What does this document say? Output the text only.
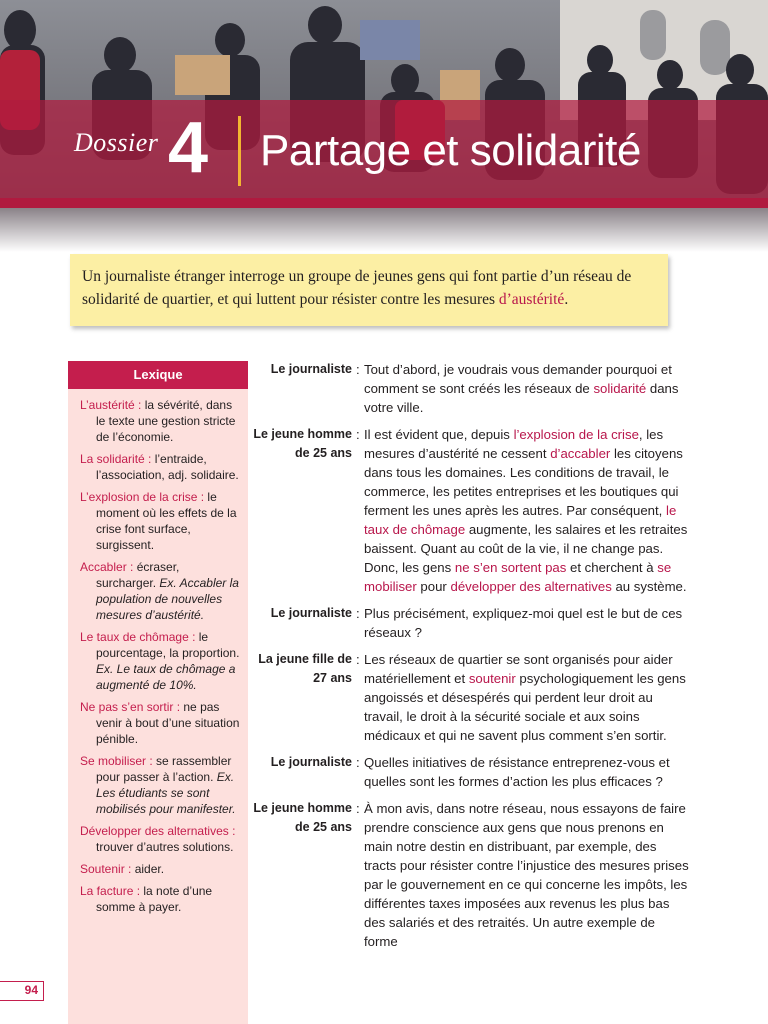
Dossier 4 Partage et solidarité
Un journaliste étranger interroge un groupe de jeunes gens qui font partie d’un réseau de solidarité de quartier, et qui luttent pour résister contre les mesures d’austérité.
Lexique
L’austérité : la sévérité, dans le texte une gestion stricte de l’économie.
La solidarité : l’entraide, l’association, adj. solidaire.
L’explosion de la crise : le moment où les effets de la crise font surface, surgissent.
Accabler : écraser, surcharger. Ex. Accabler la population de nouvelles mesures d’austérité.
Le taux de chômage : le pourcentage, la proportion. Ex. Le taux de chômage a augmenté de 10%.
Ne pas s’en sortir : ne pas venir à bout d’une situation pénible.
Se mobiliser : se rassembler pour passer à l’action. Ex. Les étudiants se sont mobilisés pour manifester.
Développer des alternatives : trouver d’autres solutions.
Soutenir : aider.
La facture : la note d’une somme à payer.
Le journaliste : Tout d’abord, je voudrais vous demander pourquoi et comment se sont créés les réseaux de solidarité dans votre ville.
Le jeune homme de 25 ans
: Il est évident que, depuis l’explosion de la crise, les mesures d’austérité ne cessent d’accabler les citoyens dans tous les domaines. Les conditions de travail, le commerce, les petites entreprises et les boutiques qui ferment les unes après les autres. Par conséquent, le taux de chômage augmente, les salaires et les retraites baissent. Quant au coût de la vie, il ne change pas. Donc, les gens ne s’en sortent pas et cherchent à se mobiliser pour développer des alternatives au système.
Le journaliste : Plus précisément, expliquez-moi quel est le but de ces réseaux ?
La jeune fille de 27 ans
: Les réseaux de quartier se sont organisés pour aider matériellement et soutenir psychologiquement les gens angoissés et désespérés qui perdent leur droit au travail, le droit à la sécurité sociale et aux soins médicaux et qui ne savent plus comment s’en sortir.
Le journaliste : Quelles initiatives de résistance entreprenez-vous et quelles sont les formes d’action les plus efficaces ?
Le jeune homme de 25 ans
: À mon avis, dans notre réseau, nous essayons de faire prendre conscience aux gens que nous prenons en main notre destin en distribuant, par exemple, des tracts pour résister contre l’injustice des mesures prises par le gouvernement en ce qui concerne les impôts, les différentes taxes imposées aux revenus les plus bas des salariés et des retraités. Un autre exemple de forme
94
